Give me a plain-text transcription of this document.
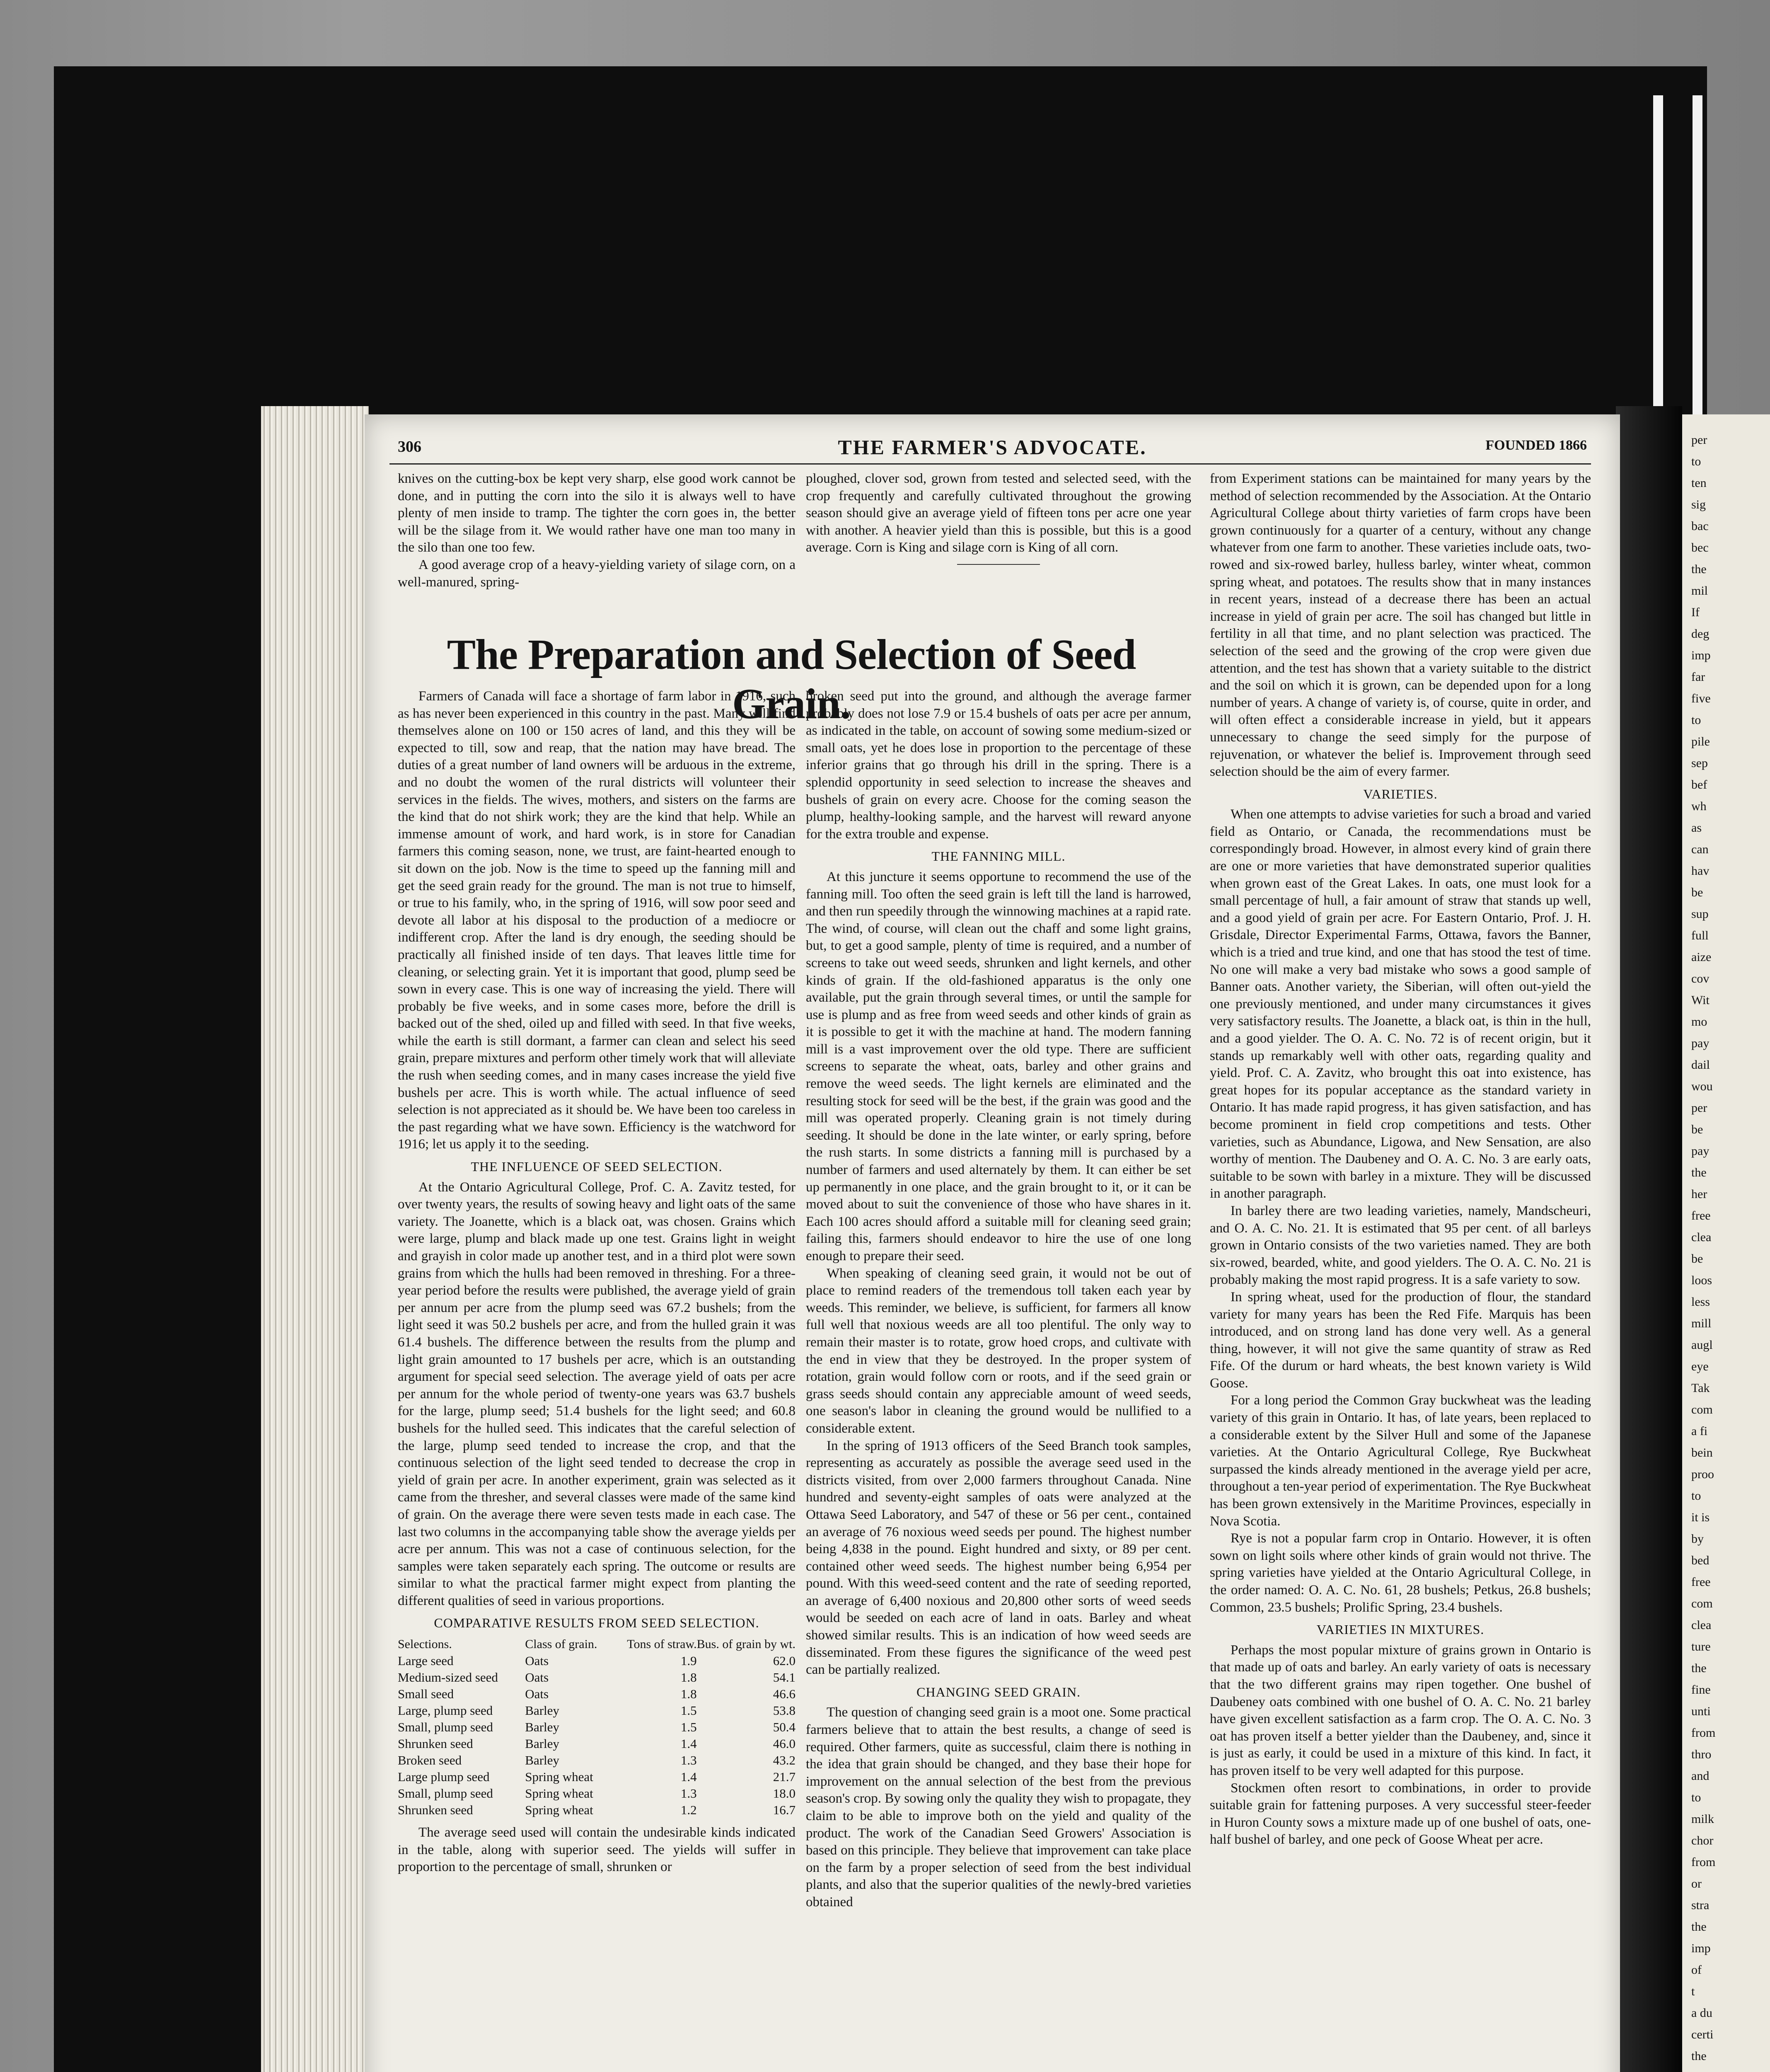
per
to
ten
sig
bac
bec
the
mil
If
deg
imp
far
five
to
pile
sep
bef
wh
as
can
hav
be
sup
full
aize
cov
Wit
mo
pay
dail
wou
per
be
pay
the
her
free
clea
be
loos
less
mill
augl
eye
Tak
com
a fi
bein
proo
to
it is
by
bed
free
com
clea
ture
the
fine
unti
from
thro
and
to
milk
chor
from
or
stra
the
imp
of
t
a du
certi
the
306	THE FARMER'S ADVOCATE.	FOUNDED 1866

knives on the cutting-box be kept very sharp, else good work cannot be done, and in putting the corn into the silo it is always well to have plenty of men inside to tramp. The tighter the corn goes in, the better will be the silage from it. We would rather have one man too many in the silo than one too few.

A good average crop of a heavy-yielding variety of silage corn, on a well-manured, spring-

ploughed, clover sod, grown from tested and selected seed, with the crop frequently and carefully cultivated throughout the growing season should give an average yield of fifteen tons per acre one year with another. A heavier yield than this is possible, but this is a good average. Corn is King and silage corn is King of all corn.

The Preparation and Selection of Seed Grain.

Farmers of Canada will face a shortage of farm labor in 1916, such as has never been experienced in this country in the past. Many will find themselves alone on 100 or 150 acres of land, and this they will be expected to till, sow and reap, that the nation may have bread. The duties of a great number of land owners will be arduous in the extreme, and no doubt the women of the rural districts will volunteer their services in the fields. The wives, mothers, and sisters on the farms are the kind that do not shirk work; they are the kind that help. While an immense amount of work, and hard work, is in store for Canadian farmers this coming season, none, we trust, are faint-hearted enough to sit down on the job. Now is the time to speed up the fanning mill and get the seed grain ready for the ground. The man is not true to himself, or true to his family, who, in the spring of 1916, will sow poor seed and devote all labor at his disposal to the production of a mediocre or indifferent crop. After the land is dry enough, the seeding should be practically all finished inside of ten days. That leaves little time for cleaning, or selecting grain. Yet it is important that good, plump seed be sown in every case. This is one way of increasing the yield. There will probably be five weeks, and in some cases more, before the drill is backed out of the shed, oiled up and filled with seed. In that five weeks, while the earth is still dormant, a farmer can clean and select his seed grain, prepare mixtures and perform other timely work that will alleviate the rush when seeding comes, and in many cases increase the yield five bushels per acre. This is worth while. The actual influence of seed selection is not appreciated as it should be. We have been too careless in the past regarding what we have sown. Efficiency is the watchword for 1916; let us apply it to the seeding.

THE INFLUENCE OF SEED SELECTION.

At the Ontario Agricultural College, Prof. C. A. Zavitz tested, for over twenty years, the results of sowing heavy and light oats of the same variety. The Joanette, which is a black oat, was chosen. Grains which were large, plump and black made up one test. Grains light in weight and grayish in color made up another test, and in a third plot were sown grains from which the hulls had been removed in threshing. For a three-year period before the results were published, the average yield of grain per annum per acre from the plump seed was 67.2 bushels; from the light seed it was 50.2 bushels per acre, and from the hulled grain it was 61.4 bushels. The difference between the results from the plump and light grain amounted to 17 bushels per acre, which is an outstanding argument for special seed selection. The average yield of oats per acre per annum for the whole period of twenty-one years was 63.7 bushels for the large, plump seed; 51.4 bushels for the light seed; and 60.8 bushels for the hulled seed. This indicates that the careful selection of the large, plump seed tended to increase the crop, and that the continuous selection of the light seed tended to decrease the crop in yield of grain per acre. In another experiment, grain was selected as it came from the thresher, and several classes were made of the same kind of grain. On the average there were seven tests made in each case. The last two columns in the accompanying table show the average yields per acre per annum. This was not a case of continuous selection, for the samples were taken separately each spring. The outcome or results are similar to what the practical farmer might expect from planting the different qualities of seed in various proportions.

COMPARATIVE RESULTS FROM SEED SELECTION.
Selections.	Class of grain.	Tons of straw.	Bus. of grain by wt.
Large seed	Oats	1.9	62.0
Medium-sized seed	Oats	1.8	54.1
Small seed	Oats	1.8	46.6
Large, plump seed	Barley	1.5	53.8
Small, plump seed	Barley	1.5	50.4
Shrunken seed	Barley	1.4	46.0
Broken seed	Barley	1.3	43.2
Large plump seed	Spring wheat	1.4	21.7
Small, plump seed	Spring wheat	1.3	18.0
Shrunken seed	Spring wheat	1.2	16.7

The average seed used will contain the undesirable kinds indicated in the table, along with superior seed. The yields will suffer in proportion to the percentage of small, shrunken or

broken seed put into the ground, and although the average farmer probably does not lose 7.9 or 15.4 bushels of oats per acre per annum, as indicated in the table, on account of sowing some medium-sized or small oats, yet he does lose in proportion to the percentage of these inferior grains that go through his drill in the spring. There is a splendid opportunity in seed selection to increase the sheaves and bushels of grain on every acre. Choose for the coming season the plump, healthy-looking sample, and the harvest will reward anyone for the extra trouble and expense.

THE FANNING MILL.

At this juncture it seems opportune to recommend the use of the fanning mill. Too often the seed grain is left till the land is harrowed, and then run speedily through the winnowing machines at a rapid rate. The wind, of course, will clean out the chaff and some light grains, but, to get a good sample, plenty of time is required, and a number of screens to take out weed seeds, shrunken and light kernels, and other kinds of grain. If the old-fashioned apparatus is the only one available, put the grain through several times, or until the sample for use is plump and as free from weed seeds and other kinds of grain as it is possible to get it with the machine at hand. The modern fanning mill is a vast improvement over the old type. There are sufficient screens to separate the wheat, oats, barley and other grains and remove the weed seeds. The light kernels are eliminated and the resulting stock for seed will be the best, if the grain was good and the mill was operated properly. Cleaning grain is not timely during seeding. It should be done in the late winter, or early spring, before the rush starts. In some districts a fanning mill is purchased by a number of farmers and used alternately by them. It can either be set up permanently in one place, and the grain brought to it, or it can be moved about to suit the convenience of those who have shares in it. Each 100 acres should afford a suitable mill for cleaning seed grain; failing this, farmers should endeavor to hire the use of one long enough to prepare their seed.

When speaking of cleaning seed grain, it would not be out of place to remind readers of the tremendous toll taken each year by weeds. This reminder, we believe, is sufficient, for farmers all know full well that noxious weeds are all too plentiful. The only way to remain their master is to rotate, grow hoed crops, and cultivate with the end in view that they be destroyed. In the proper system of rotation, grain would follow corn or roots, and if the seed grain or grass seeds should contain any appreciable amount of weed seeds, one season's labor in cleaning the ground would be nullified to a considerable extent.

In the spring of 1913 officers of the Seed Branch took samples, representing as accurately as possible the average seed used in the districts visited, from over 2,000 farmers throughout Canada. Nine hundred and seventy-eight samples of oats were analyzed at the Ottawa Seed Laboratory, and 547 of these or 56 per cent., contained an average of 76 noxious weed seeds per pound. The highest number being 4,838 in the pound. Eight hundred and sixty, or 89 per cent. contained other weed seeds. The highest number being 6,954 per pound. With this weed-seed content and the rate of seeding reported, an average of 6,400 noxious and 20,800 other sorts of weed seeds would be seeded on each acre of land in oats. Barley and wheat showed similar results. This is an indication of how weed seeds are disseminated. From these figures the significance of the weed pest can be partially realized.

CHANGING SEED GRAIN.

The question of changing seed grain is a moot one. Some practical farmers believe that to attain the best results, a change of seed is required. Other farmers, quite as successful, claim there is nothing in the idea that grain should be changed, and they base their hope for improvement on the annual selection of the best from the previous season's crop. By sowing only the quality they wish to propagate, they claim to be able to improve both on the yield and quality of the product. The work of the Canadian Seed Growers' Association is based on this principle. They believe that improvement can take place on the farm by a proper selection of seed from the best individual plants, and also that the superior qualities of the newly-bred varieties obtained

from Experiment stations can be maintained for many years by the method of selection recommended by the Association. At the Ontario Agricultural College about thirty varieties of farm crops have been grown continuously for a quarter of a century, without any change whatever from one farm to another. These varieties include oats, two-rowed and six-rowed barley, hulless barley, winter wheat, common spring wheat, and potatoes. The results show that in many instances in recent years, instead of a decrease there has been an actual increase in yield of grain per acre. The soil has changed but little in fertility in all that time, and no plant selection was practiced. The selection of the seed and the growing of the crop were given due attention, and the test has shown that a variety suitable to the district and the soil on which it is grown, can be depended upon for a long number of years. A change of variety is, of course, quite in order, and will often effect a considerable increase in yield, but it appears unnecessary to change the seed simply for the purpose of rejuvenation, or whatever the belief is. Improvement through seed selection should be the aim of every farmer.

VARIETIES.

When one attempts to advise varieties for such a broad and varied field as Ontario, or Canada, the recommendations must be correspondingly broad. However, in almost every kind of grain there are one or more varieties that have demonstrated superior qualities when grown east of the Great Lakes. In oats, one must look for a small percentage of hull, a fair amount of straw that stands up well, and a good yield of grain per acre. For Eastern Ontario, Prof. J. H. Grisdale, Director Experimental Farms, Ottawa, favors the Banner, which is a tried and true kind, and one that has stood the test of time. No one will make a very bad mistake who sows a good sample of Banner oats. Another variety, the Siberian, will often out-yield the one previously mentioned, and under many circumstances it gives very satisfactory results. The Joanette, a black oat, is thin in the hull, and a good yielder. The O. A. C. No. 72 is of recent origin, but it stands up remarkably well with other oats, regarding quality and yield. Prof. C. A. Zavitz, who brought this oat into existence, has great hopes for its popular acceptance as the standard variety in Ontario. It has made rapid progress, it has given satisfaction, and has become prominent in field crop competitions and tests. Other varieties, such as Abundance, Ligowa, and New Sensation, are also worthy of mention. The Daubeney and O. A. C. No. 3 are early oats, suitable to be sown with barley in a mixture. They will be discussed in another paragraph.

In barley there are two leading varieties, namely, Mandscheuri, and O. A. C. No. 21. It is estimated that 95 per cent. of all barleys grown in Ontario consists of the two varieties named. They are both six-rowed, bearded, white, and good yielders. The O. A. C. No. 21 is probably making the most rapid progress. It is a safe variety to sow.

In spring wheat, used for the production of flour, the standard variety for many years has been the Red Fife. Marquis has been introduced, and on strong land has done very well. As a general thing, however, it will not give the same quantity of straw as Red Fife. Of the durum or hard wheats, the best known variety is Wild Goose.

For a long period the Common Gray buckwheat was the leading variety of this grain in Ontario. It has, of late years, been replaced to a considerable extent by the Silver Hull and some of the Japanese varieties. At the Ontario Agricultural College, Rye Buckwheat surpassed the kinds already mentioned in the average yield per acre, throughout a ten-year period of experimentation. The Rye Buckwheat has been grown extensively in the Maritime Provinces, especially in Nova Scotia.

Rye is not a popular farm crop in Ontario. However, it is often sown on light soils where other kinds of grain would not thrive. The spring varieties have yielded at the Ontario Agricultural College, in the order named: O. A. C. No. 61, 28 bushels; Petkus, 26.8 bushels; Common, 23.5 bushels; Prolific Spring, 23.4 bushels.

VARIETIES IN MIXTURES.

Perhaps the most popular mixture of grains grown in Ontario is that made up of oats and barley. An early variety of oats is necessary that the two different grains may ripen together. One bushel of Daubeney oats combined with one bushel of O. A. C. No. 21 barley have given excellent satisfaction as a farm crop. The O. A. C. No. 3 oat has proven itself a better yielder than the Daubeney, and, since it is just as early, it could be used in a mixture of this kind. In fact, it has proven itself to be very well adapted for this purpose.

Stockmen often resort to combinations, in order to provide suitable grain for fattening purposes. A very successful steer-feeder in Huron County sows a mixture made up of one bushel of oats, one-half bushel of barley, and one peck of Goose Wheat per acre.
